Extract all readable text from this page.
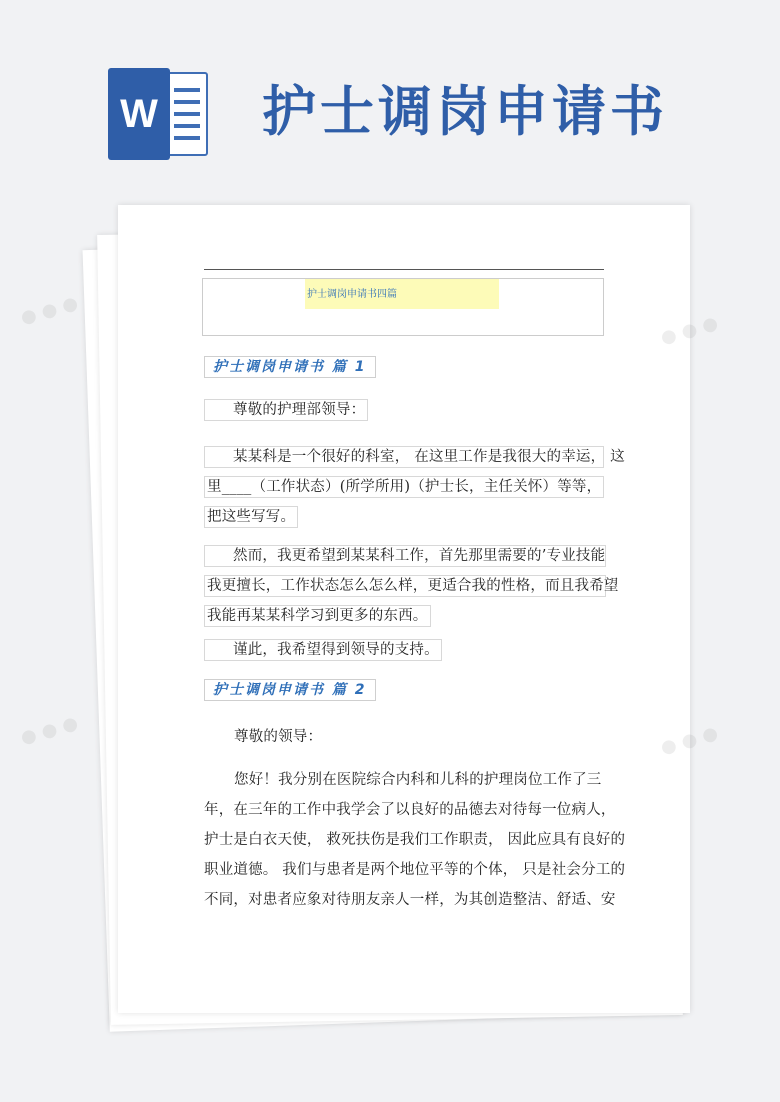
W 护士调岗申请书
护士调岗申请书四篇
护士调岗申请书 篇 1
尊敬的护理部领导：
某某科是一个很好的科室， 在这里工作是我很大的幸运， 这
里____（工作状态）(所学所用)（护士长，主任关怀）等等，
把这些写写。
然而，我更希望到某某科工作，首先那里需要的’专业技能
我更擅长，工作状态怎么怎么样，更适合我的性格，而且我希望
我能再某某科学习到更多的东西。
谨此，我希望得到领导的支持。
护士调岗申请书 篇 2
尊敬的领导：
您好！我分别在医院综合内科和儿科的护理岗位工作了三
年，在三年的工作中我学会了以良好的品德去对待每一位病人，
护士是白衣天使， 救死扶伤是我们工作职责， 因此应具有良好的
职业道德。 我们与患者是两个地位平等的个体， 只是社会分工的
不同，对患者应象对待朋友亲人一样，为其创造整洁、舒适、安
● ● ●	●
● ● ●	●
